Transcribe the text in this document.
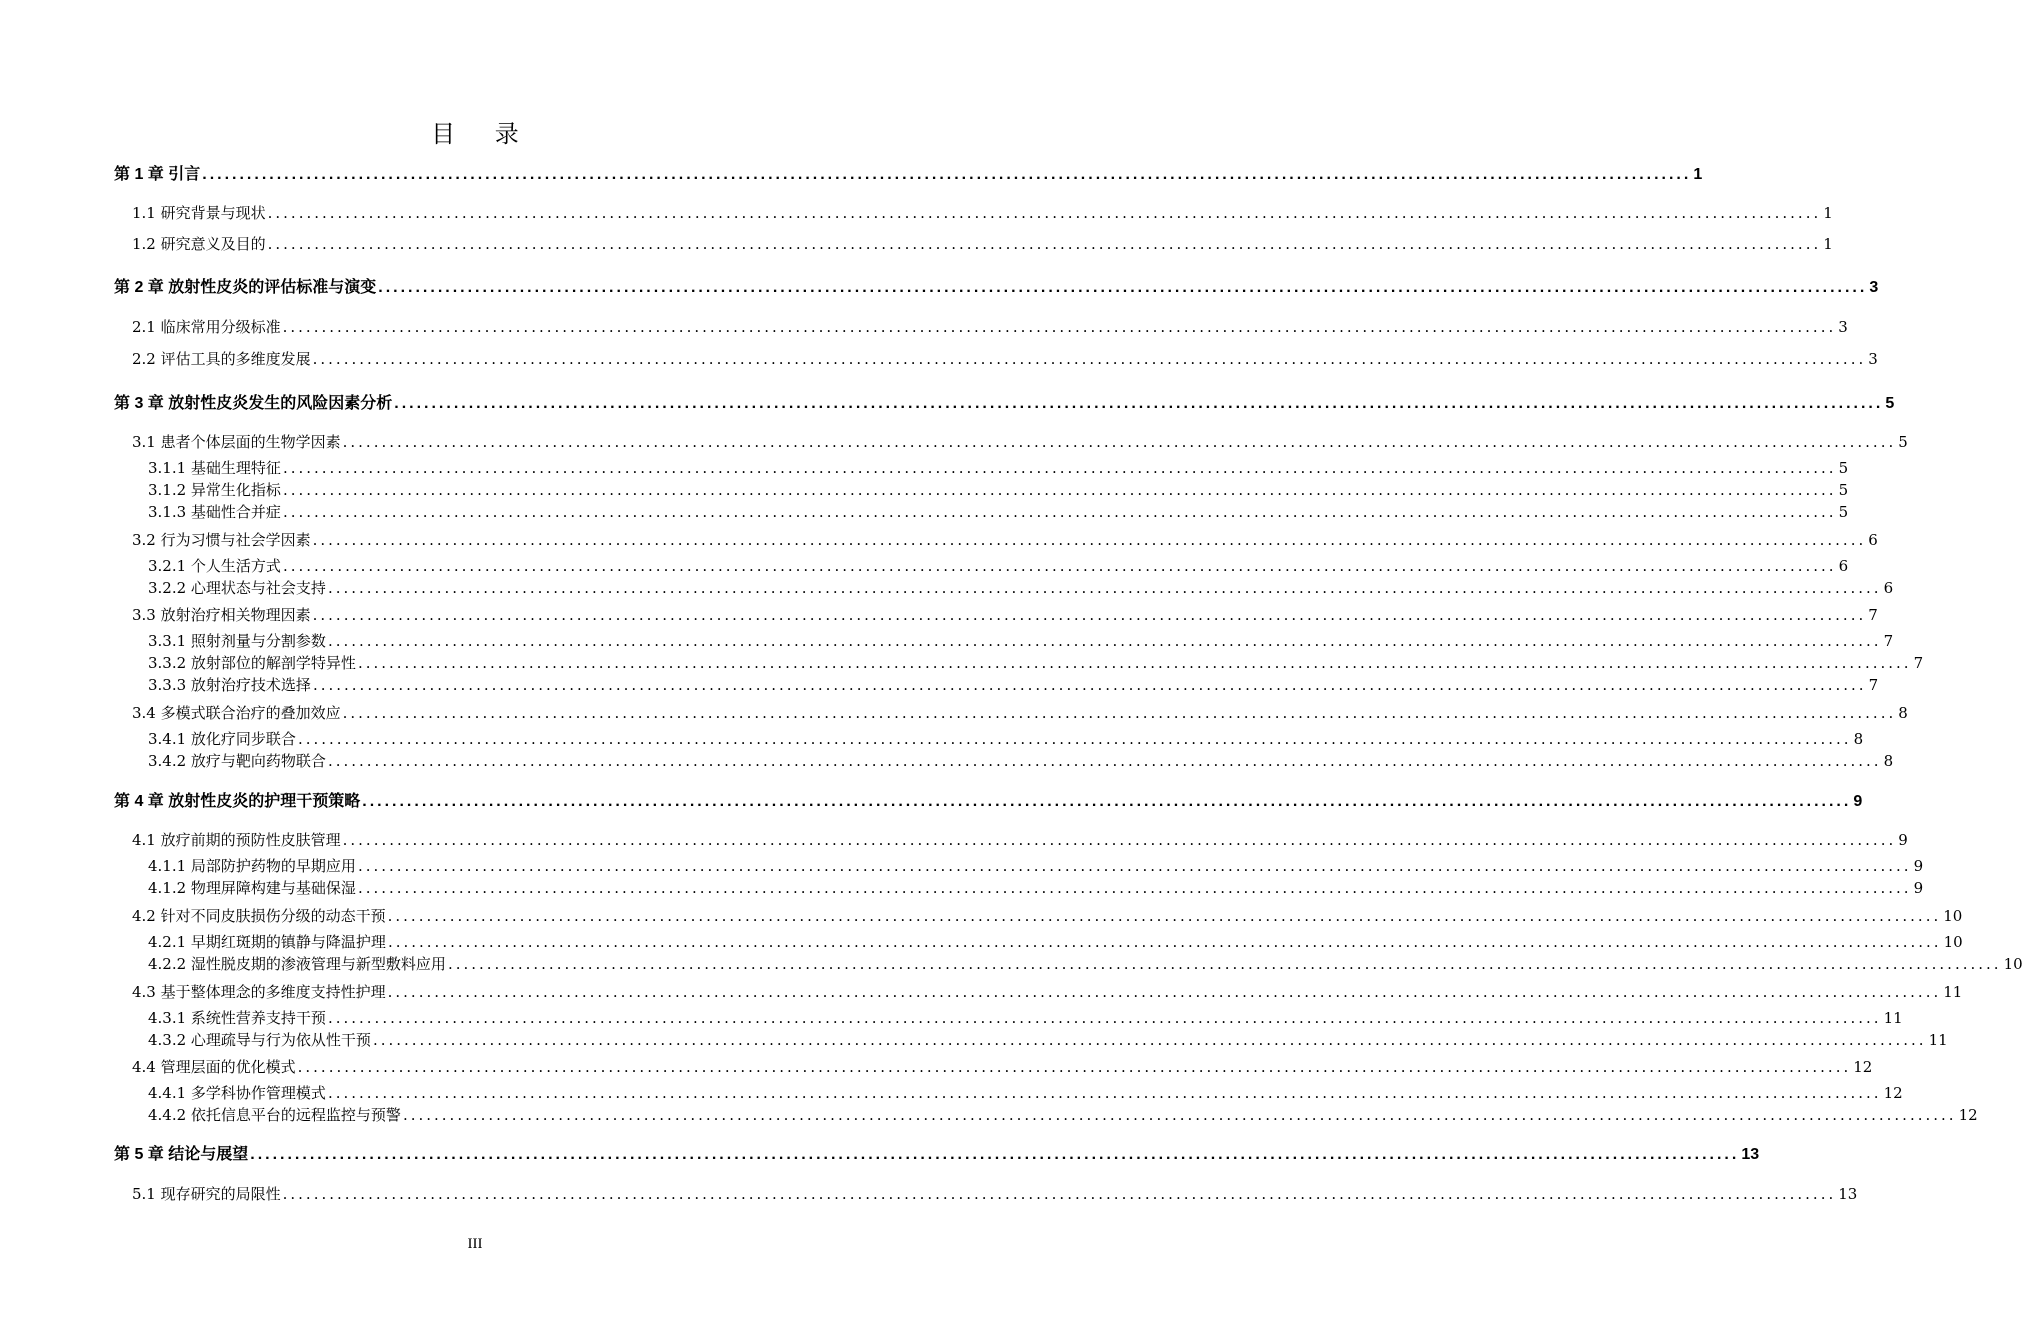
目 录
第 1 章 引言 ........................................................................................................................................................................................................ 1
1.1 研究背景与现状 ........................................................................................................................................................................................................ 1
1.2 研究意义及目的 ........................................................................................................................................................................................................ 1
第 2 章 放射性皮炎的评估标准与演变 ........................................................................................................................................................................................................ 3
2.1 临床常用分级标准 ........................................................................................................................................................................................................ 3
2.2 评估工具的多维度发展 ........................................................................................................................................................................................................ 3
第 3 章 放射性皮炎发生的风险因素分析 ........................................................................................................................................................................................................ 5
3.1 患者个体层面的生物学因素 ........................................................................................................................................................................................................ 5
3.1.1 基础生理特征 ........................................................................................................................................................................................................ 5
3.1.2 异常生化指标 ........................................................................................................................................................................................................ 5
3.1.3 基础性合并症 ........................................................................................................................................................................................................ 5
3.2 行为习惯与社会学因素 ........................................................................................................................................................................................................ 6
3.2.1 个人生活方式 ........................................................................................................................................................................................................ 6
3.2.2 心理状态与社会支持 ........................................................................................................................................................................................................ 6
3.3 放射治疗相关物理因素 ........................................................................................................................................................................................................ 7
3.3.1 照射剂量与分割参数 ........................................................................................................................................................................................................ 7
3.3.2 放射部位的解剖学特异性 ........................................................................................................................................................................................................ 7
3.3.3 放射治疗技术选择 ........................................................................................................................................................................................................ 7
3.4 多模式联合治疗的叠加效应 ........................................................................................................................................................................................................ 8
3.4.1 放化疗同步联合 ........................................................................................................................................................................................................ 8
3.4.2 放疗与靶向药物联合 ........................................................................................................................................................................................................ 8
第 4 章 放射性皮炎的护理干预策略 ........................................................................................................................................................................................................ 9
4.1 放疗前期的预防性皮肤管理 ........................................................................................................................................................................................................ 9
4.1.1 局部防护药物的早期应用 ........................................................................................................................................................................................................ 9
4.1.2 物理屏障构建与基础保湿 ........................................................................................................................................................................................................ 9
4.2 针对不同皮肤损伤分级的动态干预 ........................................................................................................................................................................................................ 10
4.2.1 早期红斑期的镇静与降温护理 ........................................................................................................................................................................................................ 10
4.2.2 湿性脱皮期的渗液管理与新型敷料应用 ........................................................................................................................................................................................................ 10
4.3 基于整体理念的多维度支持性护理 ........................................................................................................................................................................................................ 11
4.3.1 系统性营养支持干预 ........................................................................................................................................................................................................ 11
4.3.2 心理疏导与行为依从性干预 ........................................................................................................................................................................................................ 11
4.4 管理层面的优化模式 ........................................................................................................................................................................................................ 12
4.4.1 多学科协作管理模式 ........................................................................................................................................................................................................ 12
4.4.2 依托信息平台的远程监控与预警 ........................................................................................................................................................................................................ 12
第 5 章 结论与展望 ........................................................................................................................................................................................................ 13
5.1 现存研究的局限性 ........................................................................................................................................................................................................ 13
III
